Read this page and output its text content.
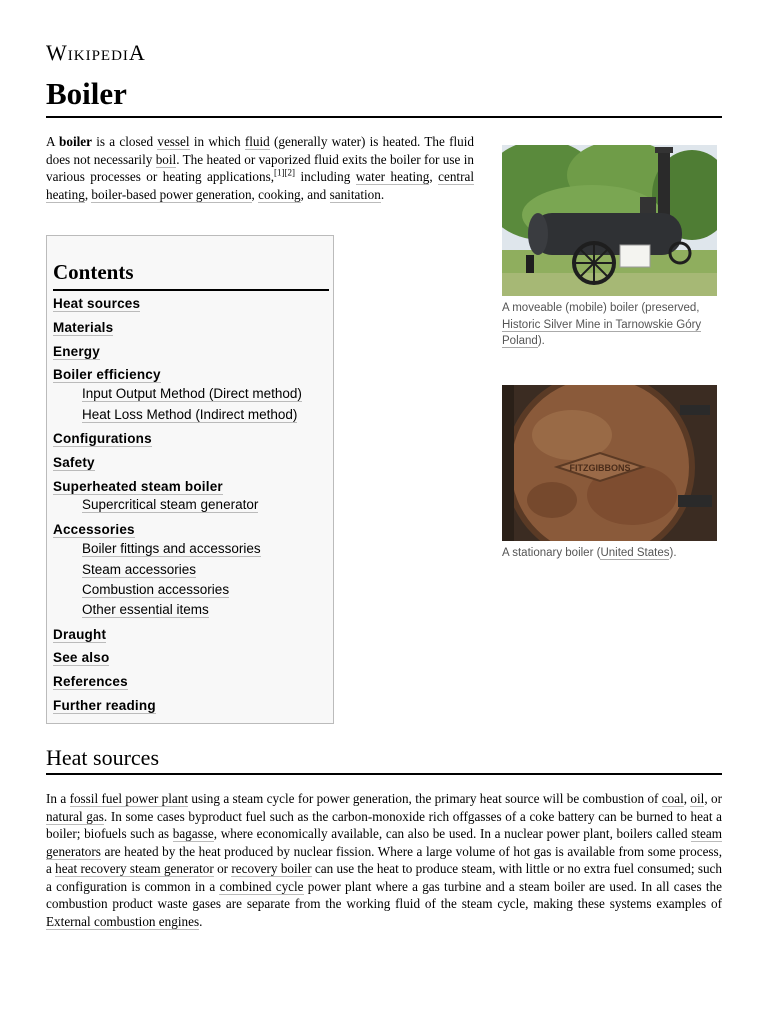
WikipediA
Boiler

A boiler is a closed vessel in which fluid (generally water) is heated. The fluid does not necessarily boil. The heated or vaporized fluid exits the boiler for use in various processes or heating applications,[1][2] including water heating, central heating, boiler-based power generation, cooking, and sanitation.

A moveable (mobile) boiler (preserved, Historic Silver Mine in Tarnowskie Góry Poland).
FITZGIBBONS
A stationary boiler (United States).
Contents
Heat sources
Materials
Energy
Boiler efficiency
Input Output Method (Direct method)
Heat Loss Method (Indirect method)
Configurations
Safety
Superheated steam boiler
Supercritical steam generator
Accessories
Boiler fittings and accessories
Steam accessories
Combustion accessories
Other essential items
Draught
See also
References
Further reading
Heat sources

In a fossil fuel power plant using a steam cycle for power generation, the primary heat source will be combustion of coal, oil, or natural gas. In some cases byproduct fuel such as the carbon-monoxide rich offgasses of a coke battery can be burned to heat a boiler; biofuels such as bagasse, where economically available, can also be used. In a nuclear power plant, boilers called steam generators are heated by the heat produced by nuclear fission. Where a large volume of hot gas is available from some process, a heat recovery steam generator or recovery boiler can use the heat to produce steam, with little or no extra fuel consumed; such a configuration is common in a combined cycle power plant where a gas turbine and a steam boiler are used. In all cases the combustion product waste gases are separate from the working fluid of the steam cycle, making these systems examples of External combustion engines.
